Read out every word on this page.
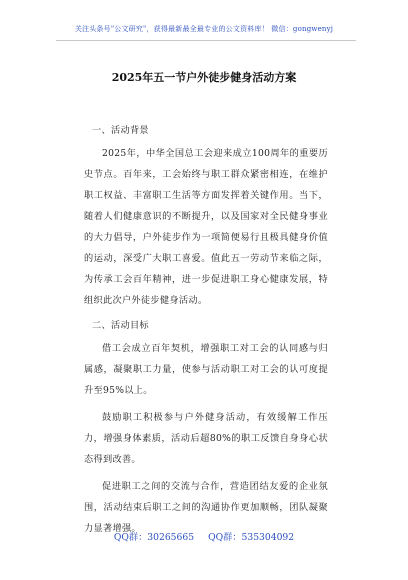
关注头条号"公文研究"，获得最新最全最专业的公文资料库！ 微信：gongwenyj
2025年五一节户外徒步健身活动方案
一、活动背景

2025年，中华全国总工会迎来成立100周年的重要历史节点。百年来，工会始终与职工群众紧密相连，在维护职工权益、丰富职工生活等方面发挥着关键作用。当下，随着人们健康意识的不断提升，以及国家对全民健身事业的大力倡导，户外徒步作为一项简便易行且极具健身价值的运动，深受广大职工喜爱。值此五一劳动节来临之际，为传承工会百年精神，进一步促进职工身心健康发展，特组织此次户外徒步健身活动。

二、活动目标

借工会成立百年契机，增强职工对工会的认同感与归属感，凝聚职工力量，使参与活动职工对工会的认可度提升至95%以上。

鼓励职工积极参与户外健身活动，有效缓解工作压力，增强身体素质，活动后超80%的职工反馈自身身心状态得到改善。

促进职工之间的交流与合作，营造团结友爱的企业氛围，活动结束后职工之间的沟通协作更加顺畅，团队凝聚力显著增强。

QQ群：30265665 QQ群：535304092
